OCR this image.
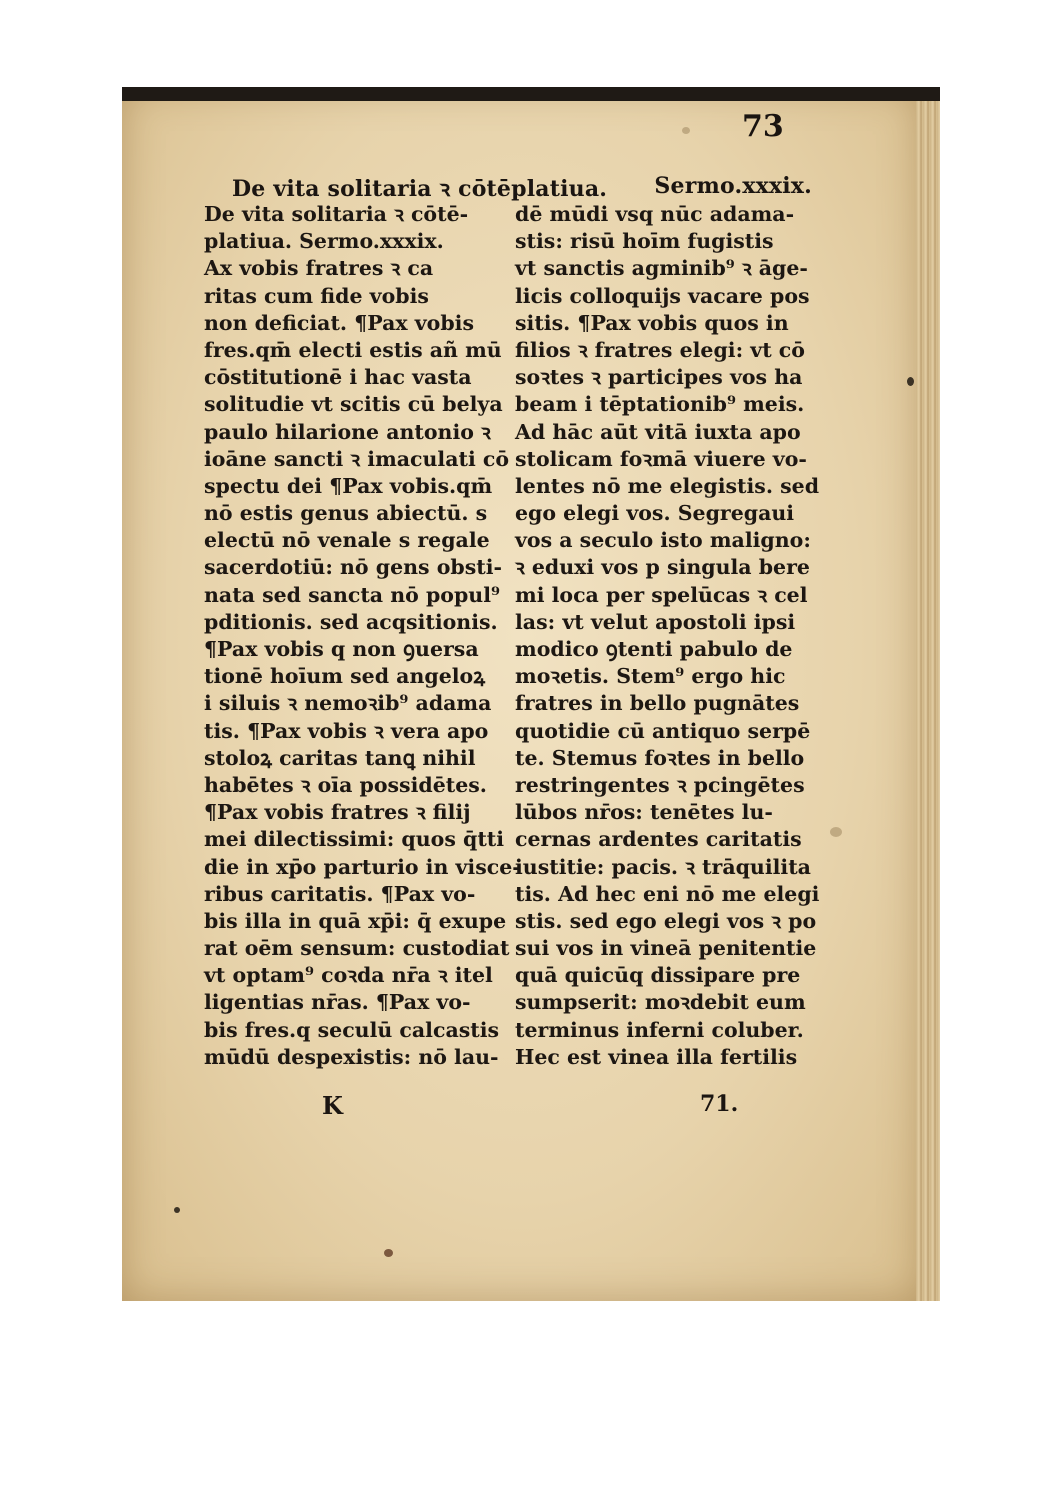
73
De vita solitaria ꝛ cōtēplatiua. Sermo.xxxix.
De vita solitaria ꝛ cōtē-
platiua. Sermo.xxxix.
Ax vobis fratres ꝛ ca
ritas cum fide vobis
non deficiat. ¶Pax vobis
fres.qm̄ electi estis añ mū
cōstitutionē i hac vasta
solitudie vt scitis cū belya
paulo hilarione antonio ꝛ
ioāne sancti ꝛ imaculati cō
spectu dei ¶Pax vobis.qm̄
nō estis genus abiectū. s
electū nō venale s regale
sacerdotiū: nō gens obsti-
nata sed sancta nō popul⁹
pditionis. sed acqsitionis.
¶Pax vobis q non ꝯuersa
tionē hoīum sed angeloꝝ
i siluis ꝛ nemoꝛib⁹ adama
tis. ¶Pax vobis ꝛ vera apo
stoloꝝ caritas tanꝗ nihil
habētes ꝛ oīa possidētes.
¶Pax vobis fratres ꝛ filij
mei dilectissimi: quos q̄tti
die in xp̄o parturio in visce-
ribus caritatis. ¶Pax vo-
bis illa in quā xp̄i: q̄ exupe
rat oēm sensum: custodiat
vt optam⁹ coꝛda nr̄a ꝛ itel
ligentias nr̄as. ¶Pax vo-
bis fres.q seculū calcastis
mūdū despexistis: nō lau-
dē mūdi vsq nūc adama-
stis: risū hoīm fugistis
vt sanctis agminib⁹ ꝛ āge-
licis colloquijs vacare pos
sitis. ¶Pax vobis quos in
filios ꝛ fratres elegi: vt cō
soꝛtes ꝛ participes vos ha
beam i tēptationib⁹ meis.
Ad hāc aūt vitā iuxta apo
stolicam foꝛmā viuere vo-
lentes nō me elegistis. sed
ego elegi vos. Segregaui
vos a seculo isto maligno:
ꝛ eduxi vos p singula bere
mi loca per spelūcas ꝛ cel
las: vt velut apostoli ipsi
modico ꝯtenti pabulo de
moꝛetis. Stem⁹ ergo hic
fratres in bello pugnātes
quotidie cū antiquo serpē
te. Stemus foꝛtes in bello
restringentes ꝛ pcingētes
lūbos nr̄os: tenētes lu-
cernas ardentes caritatis
iustitie: pacis. ꝛ trāquilita
tis. Ad hec eni nō me elegi
stis. sed ego elegi vos ꝛ po
sui vos in vineā penitentie
quā quicūq dissipare pre
sumpserit: moꝛdebit eum
terminus inferni coluber.
Hec est vinea illa fertilis
K	71.
